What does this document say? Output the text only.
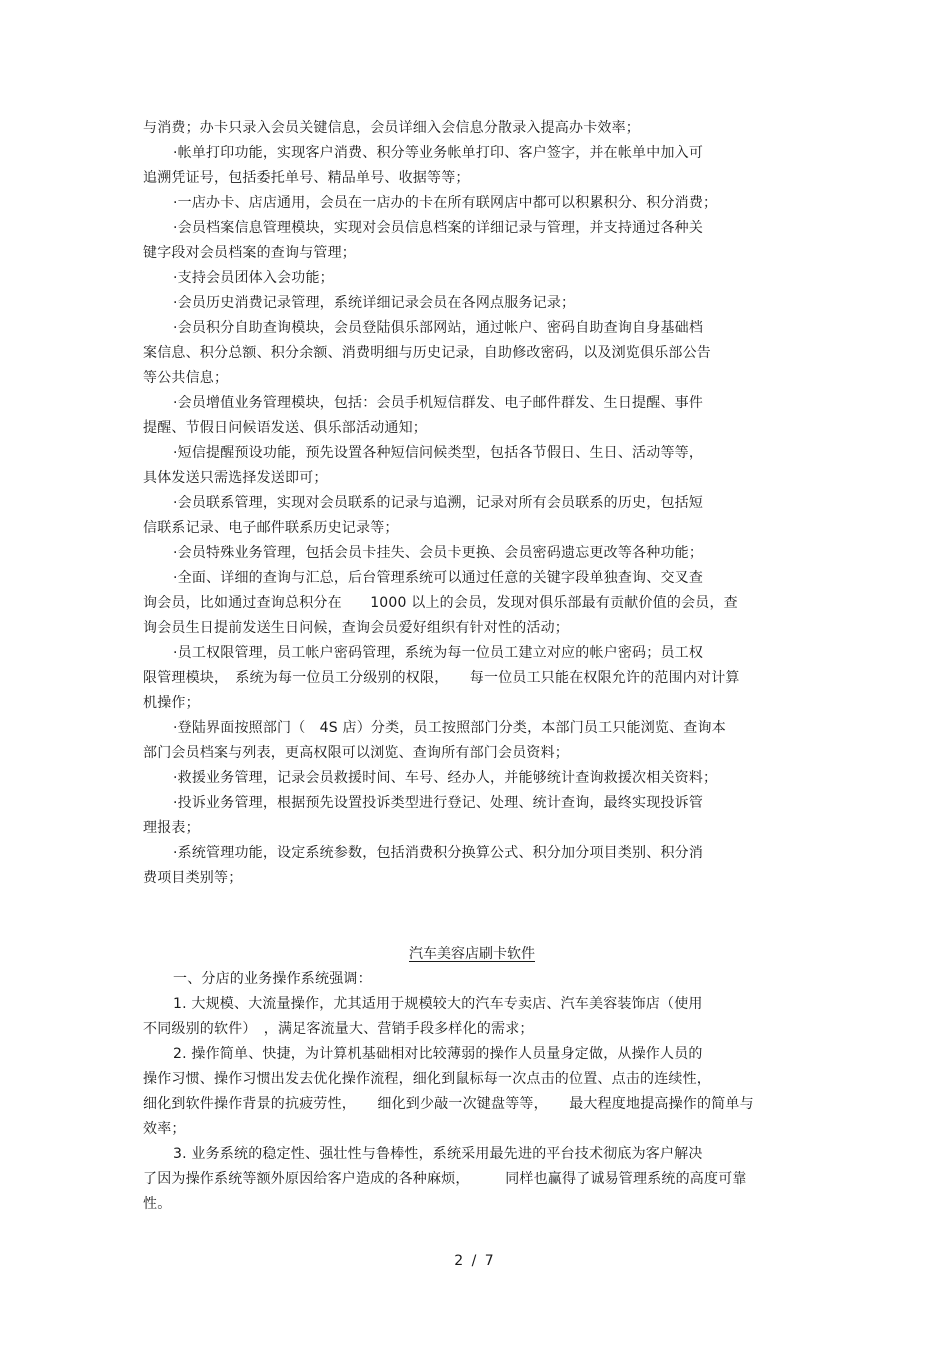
与消费；办卡只录入会员关键信息，会员详细入会信息分散录入提高办卡效率；
·帐单打印功能，实现客户消费、积分等业务帐单打印、客户签字，并在帐单中加入可
追溯凭证号，包括委托单号、精品单号、收据等等；
·一店办卡、店店通用，会员在一店办的卡在所有联网店中都可以积累积分、积分消费；
·会员档案信息管理模块，实现对会员信息档案的详细记录与管理，并支持通过各种关
键字段对会员档案的查询与管理；
·支持会员团体入会功能；
·会员历史消费记录管理，系统详细记录会员在各网点服务记录；
·会员积分自助查询模块，会员登陆俱乐部网站，通过帐户、密码自助查询自身基础档
案信息、积分总额、积分余额、消费明细与历史记录，自助修改密码，以及浏览俱乐部公告
等公共信息；
·会员增值业务管理模块，包括：会员手机短信群发、电子邮件群发、生日提醒、事件
提醒、节假日问候语发送、俱乐部活动通知；
·短信提醒预设功能，预先设置各种短信问候类型，包括各节假日、生日、活动等等，
具体发送只需选择发送即可；
·会员联系管理，实现对会员联系的记录与追溯，记录对所有会员联系的历史，包括短
信联系记录、电子邮件联系历史记录等；
·会员特殊业务管理，包括会员卡挂失、会员卡更换、会员密码遗忘更改等各种功能；
·全面、详细的查询与汇总，后台管理系统可以通过任意的关键字段单独查询、交叉查
询会员，比如通过查询总积分在　　1000 以上的会员，发现对俱乐部最有贡献价值的会员，查
询会员生日提前发送生日问候，查询会员爱好组织有针对性的活动；
·员工权限管理，员工帐户密码管理，系统为每一位员工建立对应的帐户密码；员工权
限管理模块，　系统为每一位员工分级别的权限，　　每一位员工只能在权限允许的范围内对计算
机操作；
·登陆界面按照部门（　4S 店）分类，员工按照部门分类，本部门员工只能浏览、查询本
部门会员档案与列表，更高权限可以浏览、查询所有部门会员资料；
·救援业务管理，记录会员救援时间、车号、经办人，并能够统计查询救援次相关资料；
·投诉业务管理，根据预先设置投诉类型进行登记、处理、统计查询，最终实现投诉管
理报表；
·系统管理功能，设定系统参数，包括消费积分换算公式、积分加分项目类别、积分消
费项目类别等；
汽车美容店刷卡软件
一、分店的业务操作系统强调：
1. 大规模、大流量操作，尤其适用于规模较大的汽车专卖店、汽车美容装饰店（使用
不同级别的软件）　，满足客流量大、营销手段多样化的需求；
2. 操作简单、快捷，为计算机基础相对比较薄弱的操作人员量身定做，从操作人员的
操作习惯、操作习惯出发去优化操作流程，细化到鼠标每一次点击的位置、点击的连续性，
细化到软件操作背景的抗疲劳性，　　细化到少敲一次键盘等等，　　最大程度地提高操作的简单与
效率；
3. 业务系统的稳定性、强壮性与鲁棒性，系统采用最先进的平台技术彻底为客户解决
了因为操作系统等额外原因给客户造成的各种麻烦，　　　同样也赢得了诚易管理系统的高度可靠
性。
2 / 7
